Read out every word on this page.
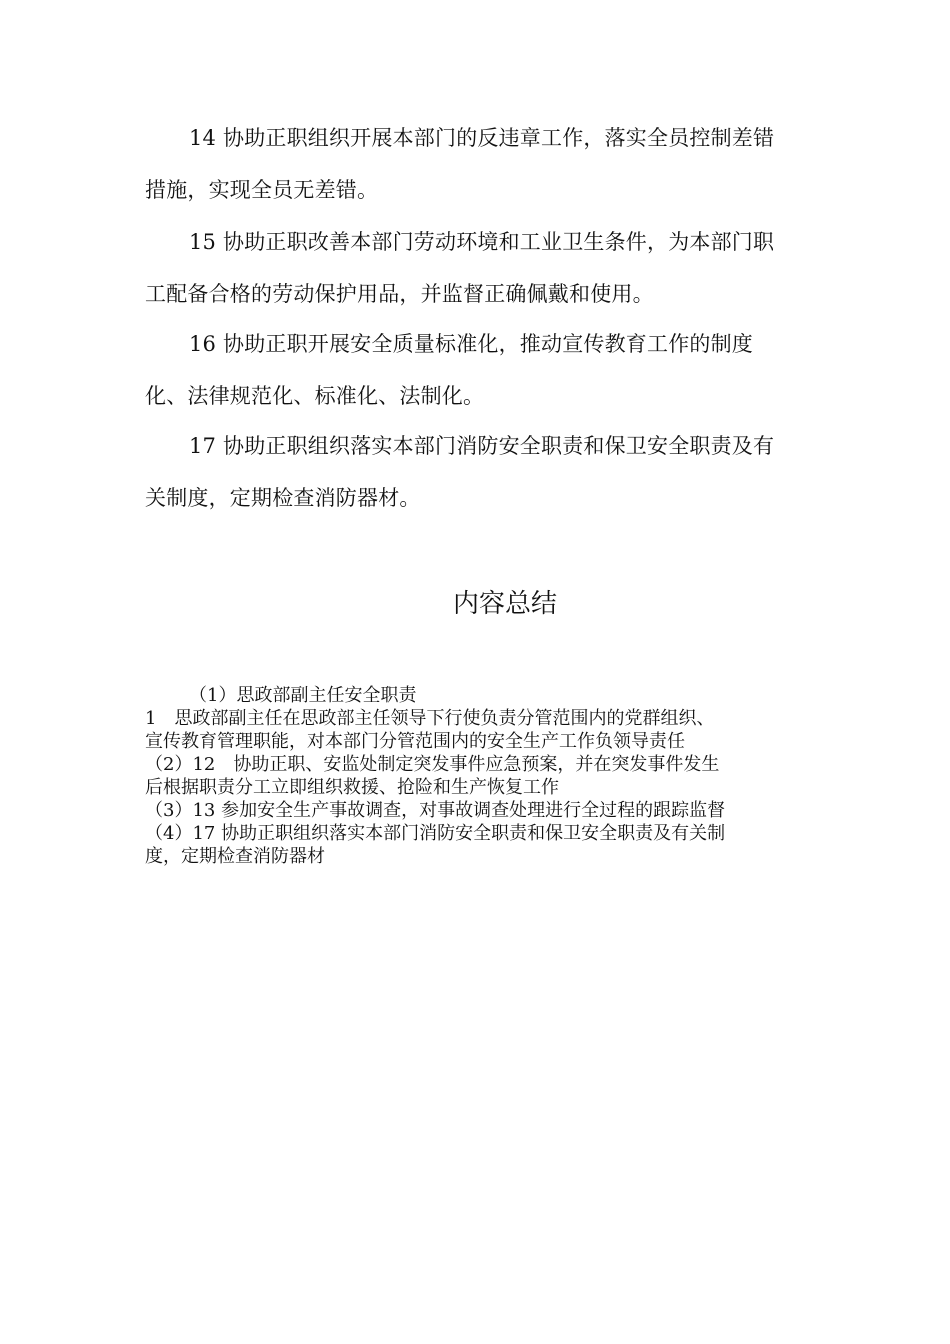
14 协助正职组织开展本部门的反违章工作，落实全员控制差错
措施，实现全员无差错。
15 协助正职改善本部门劳动环境和工业卫生条件，为本部门职
工配备合格的劳动保护用品，并监督正确佩戴和使用。
16 协助正职开展安全质量标准化，推动宣传教育工作的制度
化、法律规范化、标准化、法制化。
17 协助正职组织落实本部门消防安全职责和保卫安全职责及有
关制度，定期检查消防器材。
内容总结
（1）思政部副主任安全职责
1　思政部副主任在思政部主任领导下行使负责分管范围内的党群组织、
宣传教育管理职能，对本部门分管范围内的安全生产工作负领导责任
（2）12　协助正职、安监处制定突发事件应急预案，并在突发事件发生
后根据职责分工立即组织救援、抢险和生产恢复工作
（3）13 参加安全生产事故调查，对事故调查处理进行全过程的跟踪监督
（4）17 协助正职组织落实本部门消防安全职责和保卫安全职责及有关制
度，定期检查消防器材
